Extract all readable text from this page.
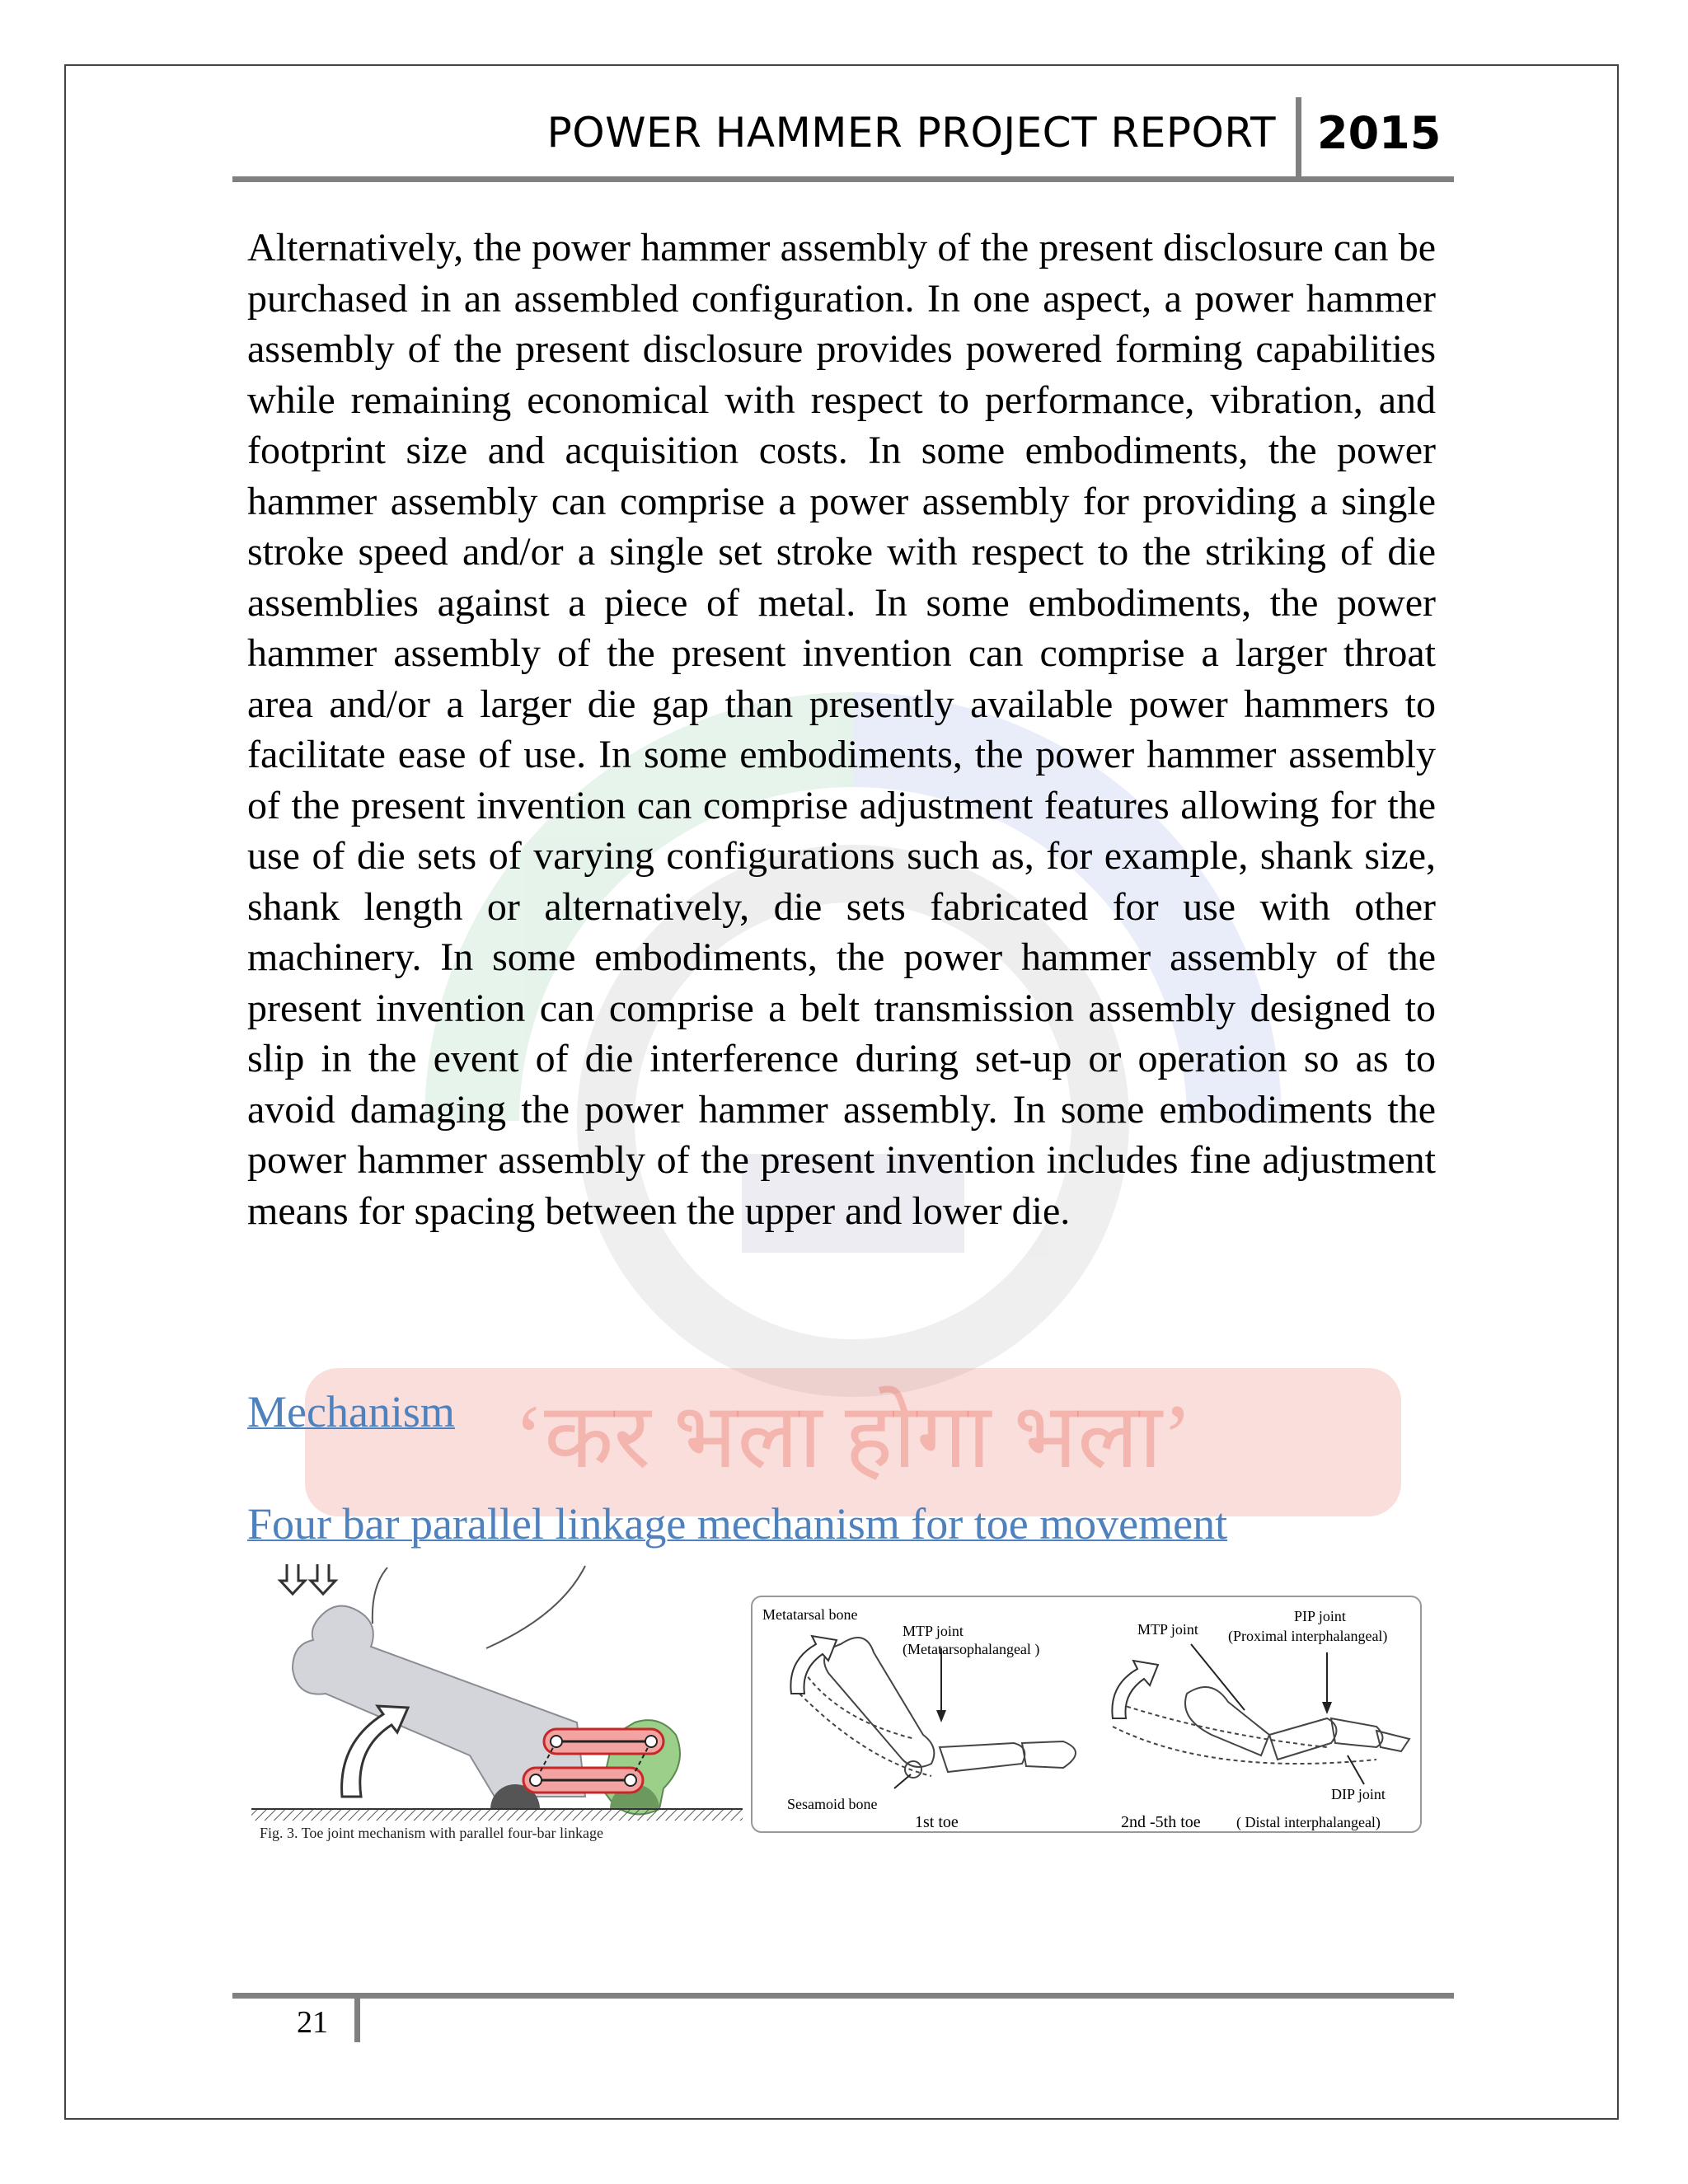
POWER HAMMER PROJECT REPORT 2015
‘कर भला होगा भला’

Alternatively, the power hammer assembly of the present disclosure can be purchased in an assembled configuration. In one aspect, a power hammer assembly of the present disclosure provides powered forming capabilities while remaining economical with respect to performance, vibration, and footprint size and acquisition costs. In some embodiments, the power hammer assembly can comprise a power assembly for providing a single stroke speed and/or a single set stroke with respect to the striking of die assemblies against a piece of metal. In some embodiments, the power hammer assembly of the present invention can comprise a larger throat area and/or a larger die gap than presently available power hammers to facilitate ease of use. In some embodiments, the power hammer assembly of the present invention can comprise adjustment features allowing for the use of die sets of varying configurations such as, for example, shank size, shank length or alternatively, die sets fabricated for use with other machinery. In some embodiments, the power hammer assembly of the present invention can comprise a belt transmission assembly designed to slip in the event of die interference during set-up or operation so as to avoid damaging the power hammer assembly. In some embodiments the power hammer assembly of the present invention includes fine adjustment means for spacing between the upper and lower die.

Mechanism
Four bar parallel linkage mechanism for toe movement
Fig. 3. Toe joint mechanism with parallel four-bar linkage
Metatarsal bone
MTP joint
(Metatarsophalangeal )
Sesamoid bone
1st toe
MTP joint
PIP joint
(Proximal interphalangeal)
DIP joint
2nd -5th toe ( Distal interphalangeal)
21
